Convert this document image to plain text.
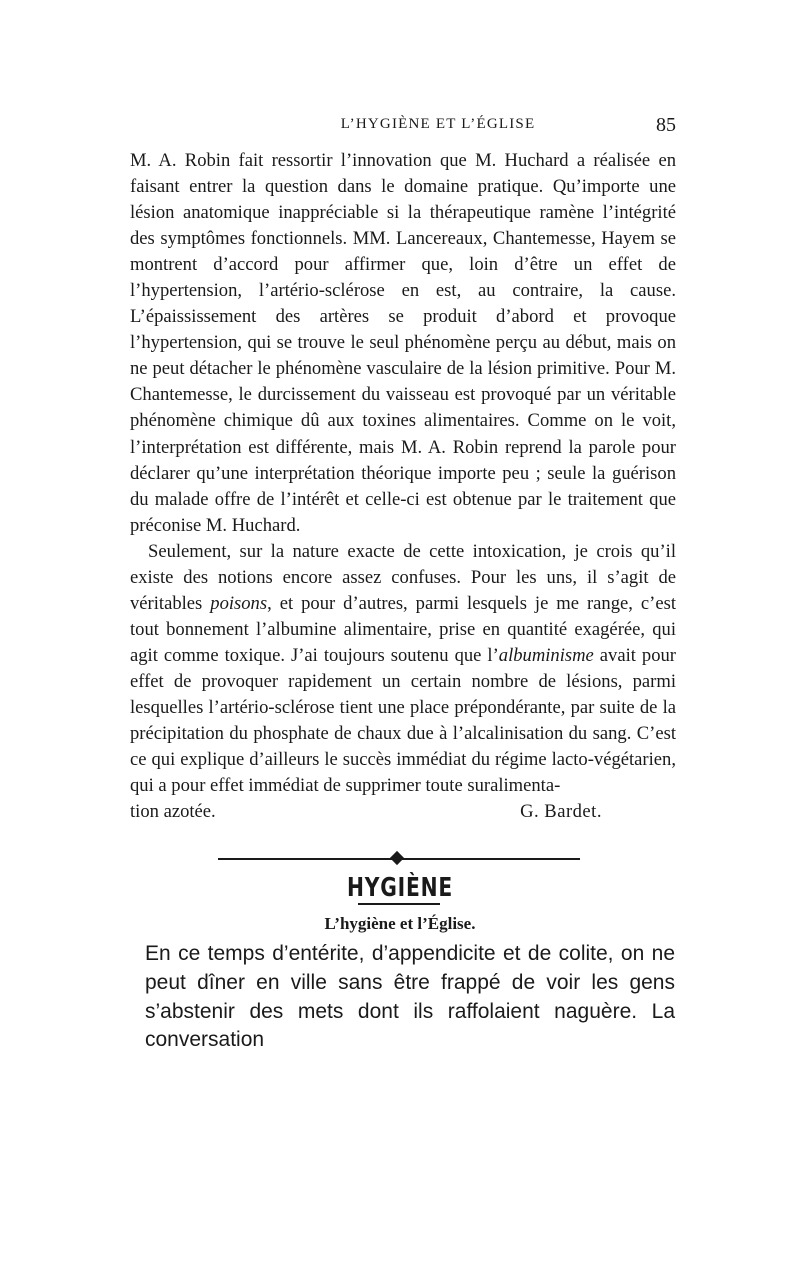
L’HYGIÈNE ET L’ÉGLISE	85

M. A. Robin fait ressortir l’innovation que M. Huchard a réalisée en faisant entrer la question dans le domaine pratique. Qu’importe une lésion anatomique inappréciable si la thérapeutique ramène l’intégrité des symptômes fonctionnels. MM. Lancereaux, Chantemesse, Hayem se montrent d’accord pour affirmer que, loin d’être un effet de l’hypertension, l’artério-sclérose en est, au contraire, la cause. L’épaississement des artères se produit d’abord et provoque l’hypertension, qui se trouve le seul phénomène perçu au début, mais on ne peut détacher le phénomène vasculaire de la lésion primitive. Pour M. Chantemesse, le durcissement du vaisseau est provoqué par un véritable phénomène chimique dû aux toxines alimentaires. Comme on le voit, l’interprétation est différente, mais M. A. Robin reprend la parole pour déclarer qu’une interprétation théorique importe peu ; seule la guérison du malade offre de l’intérêt et celle-ci est obtenue par le traitement que préconise M. Huchard.

Seulement, sur la nature exacte de cette intoxication, je crois qu’il existe des notions encore assez confuses. Pour les uns, il s’agit de véritables poisons, et pour d’autres, parmi lesquels je me range, c’est tout bonnement l’albumine alimentaire, prise en quantité exagérée, qui agit comme toxique. J’ai toujours soutenu que l’albuminisme avait pour effet de provoquer rapidement un certain nombre de lésions, parmi lesquelles l’artério-sclérose tient une place prépondérante, par suite de la précipitation du phosphate de chaux due à l’alcalinisation du sang. C’est ce qui explique d’ailleurs le succès immédiat du régime lacto-végétarien, qui a pour effet immédiat de supprimer toute suralimenta-

tion azotée.	G. Bardet.
HYGIÈNE
L’hygiène et l’Église.

En ce temps d’entérite, d’appendicite et de colite, on ne peut dîner en ville sans être frappé de voir les gens s’abstenir des mets dont ils raffolaient naguère. La conversation
